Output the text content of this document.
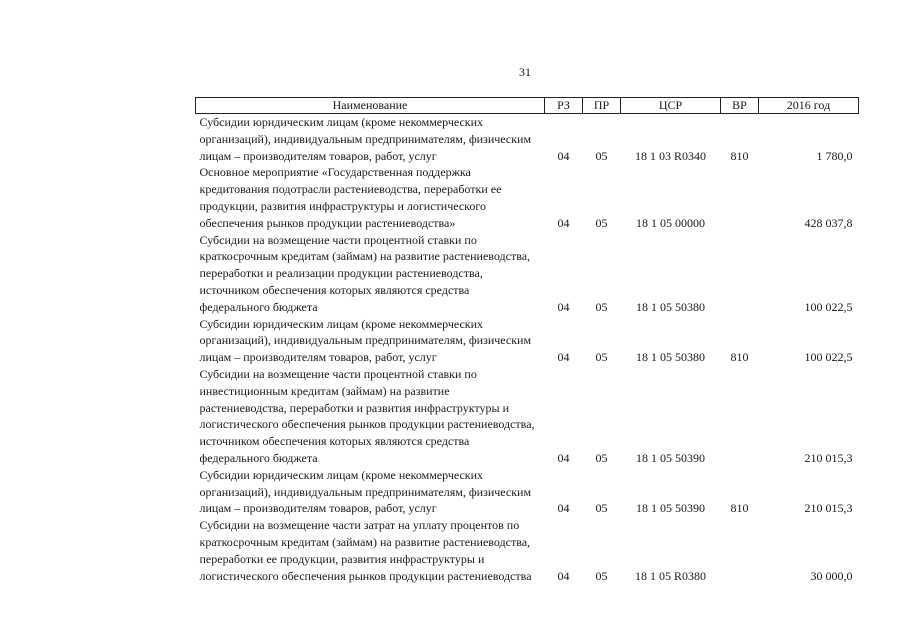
31
Наименование	РЗ	ПР	ЦСР	ВР	2016 год
Субсидии юридическим лицам (кроме некоммерческих организаций), индивидуальным предпринимателям, физическим лицам – производителям товаров, работ, услуг	04	05	18 1 03 R0340	810	1 780,0
Основное мероприятие «Государственная поддержка кредитования подотрасли растениеводства, переработки ее продукции, развития инфраструктуры и логистического обеспечения рынков продукции растениеводства»	04	05	18 1 05 00000		428 037,8
Субсидии на возмещение части процентной ставки по краткосрочным кредитам (займам) на развитие растениеводства, переработки и реализации продукции растениеводства, источником обеспечения которых являются средства федерального бюджета	04	05	18 1 05 50380		100 022,5
Субсидии юридическим лицам (кроме некоммерческих организаций), индивидуальным предпринимателям, физическим лицам – производителям товаров, работ, услуг	04	05	18 1 05 50380	810	100 022,5
Субсидии на возмещение части процентной ставки по инвестиционным кредитам (займам) на развитие растениеводства, переработки и развития инфраструктуры и логистического обеспечения рынков продукции растениеводства, источником обеспечения которых являются средства федерального бюджета	04	05	18 1 05 50390		210 015,3
Субсидии юридическим лицам (кроме некоммерческих организаций), индивидуальным предпринимателям, физическим лицам – производителям товаров, работ, услуг	04	05	18 1 05 50390	810	210 015,3
Субсидии на возмещение части затрат на уплату процентов по краткосрочным кредитам (займам) на развитие растениеводства, переработки ее продукции, развития инфраструктуры и логистического обеспечения рынков продукции растениеводства	04	05	18 1 05 R0380		30 000,0
